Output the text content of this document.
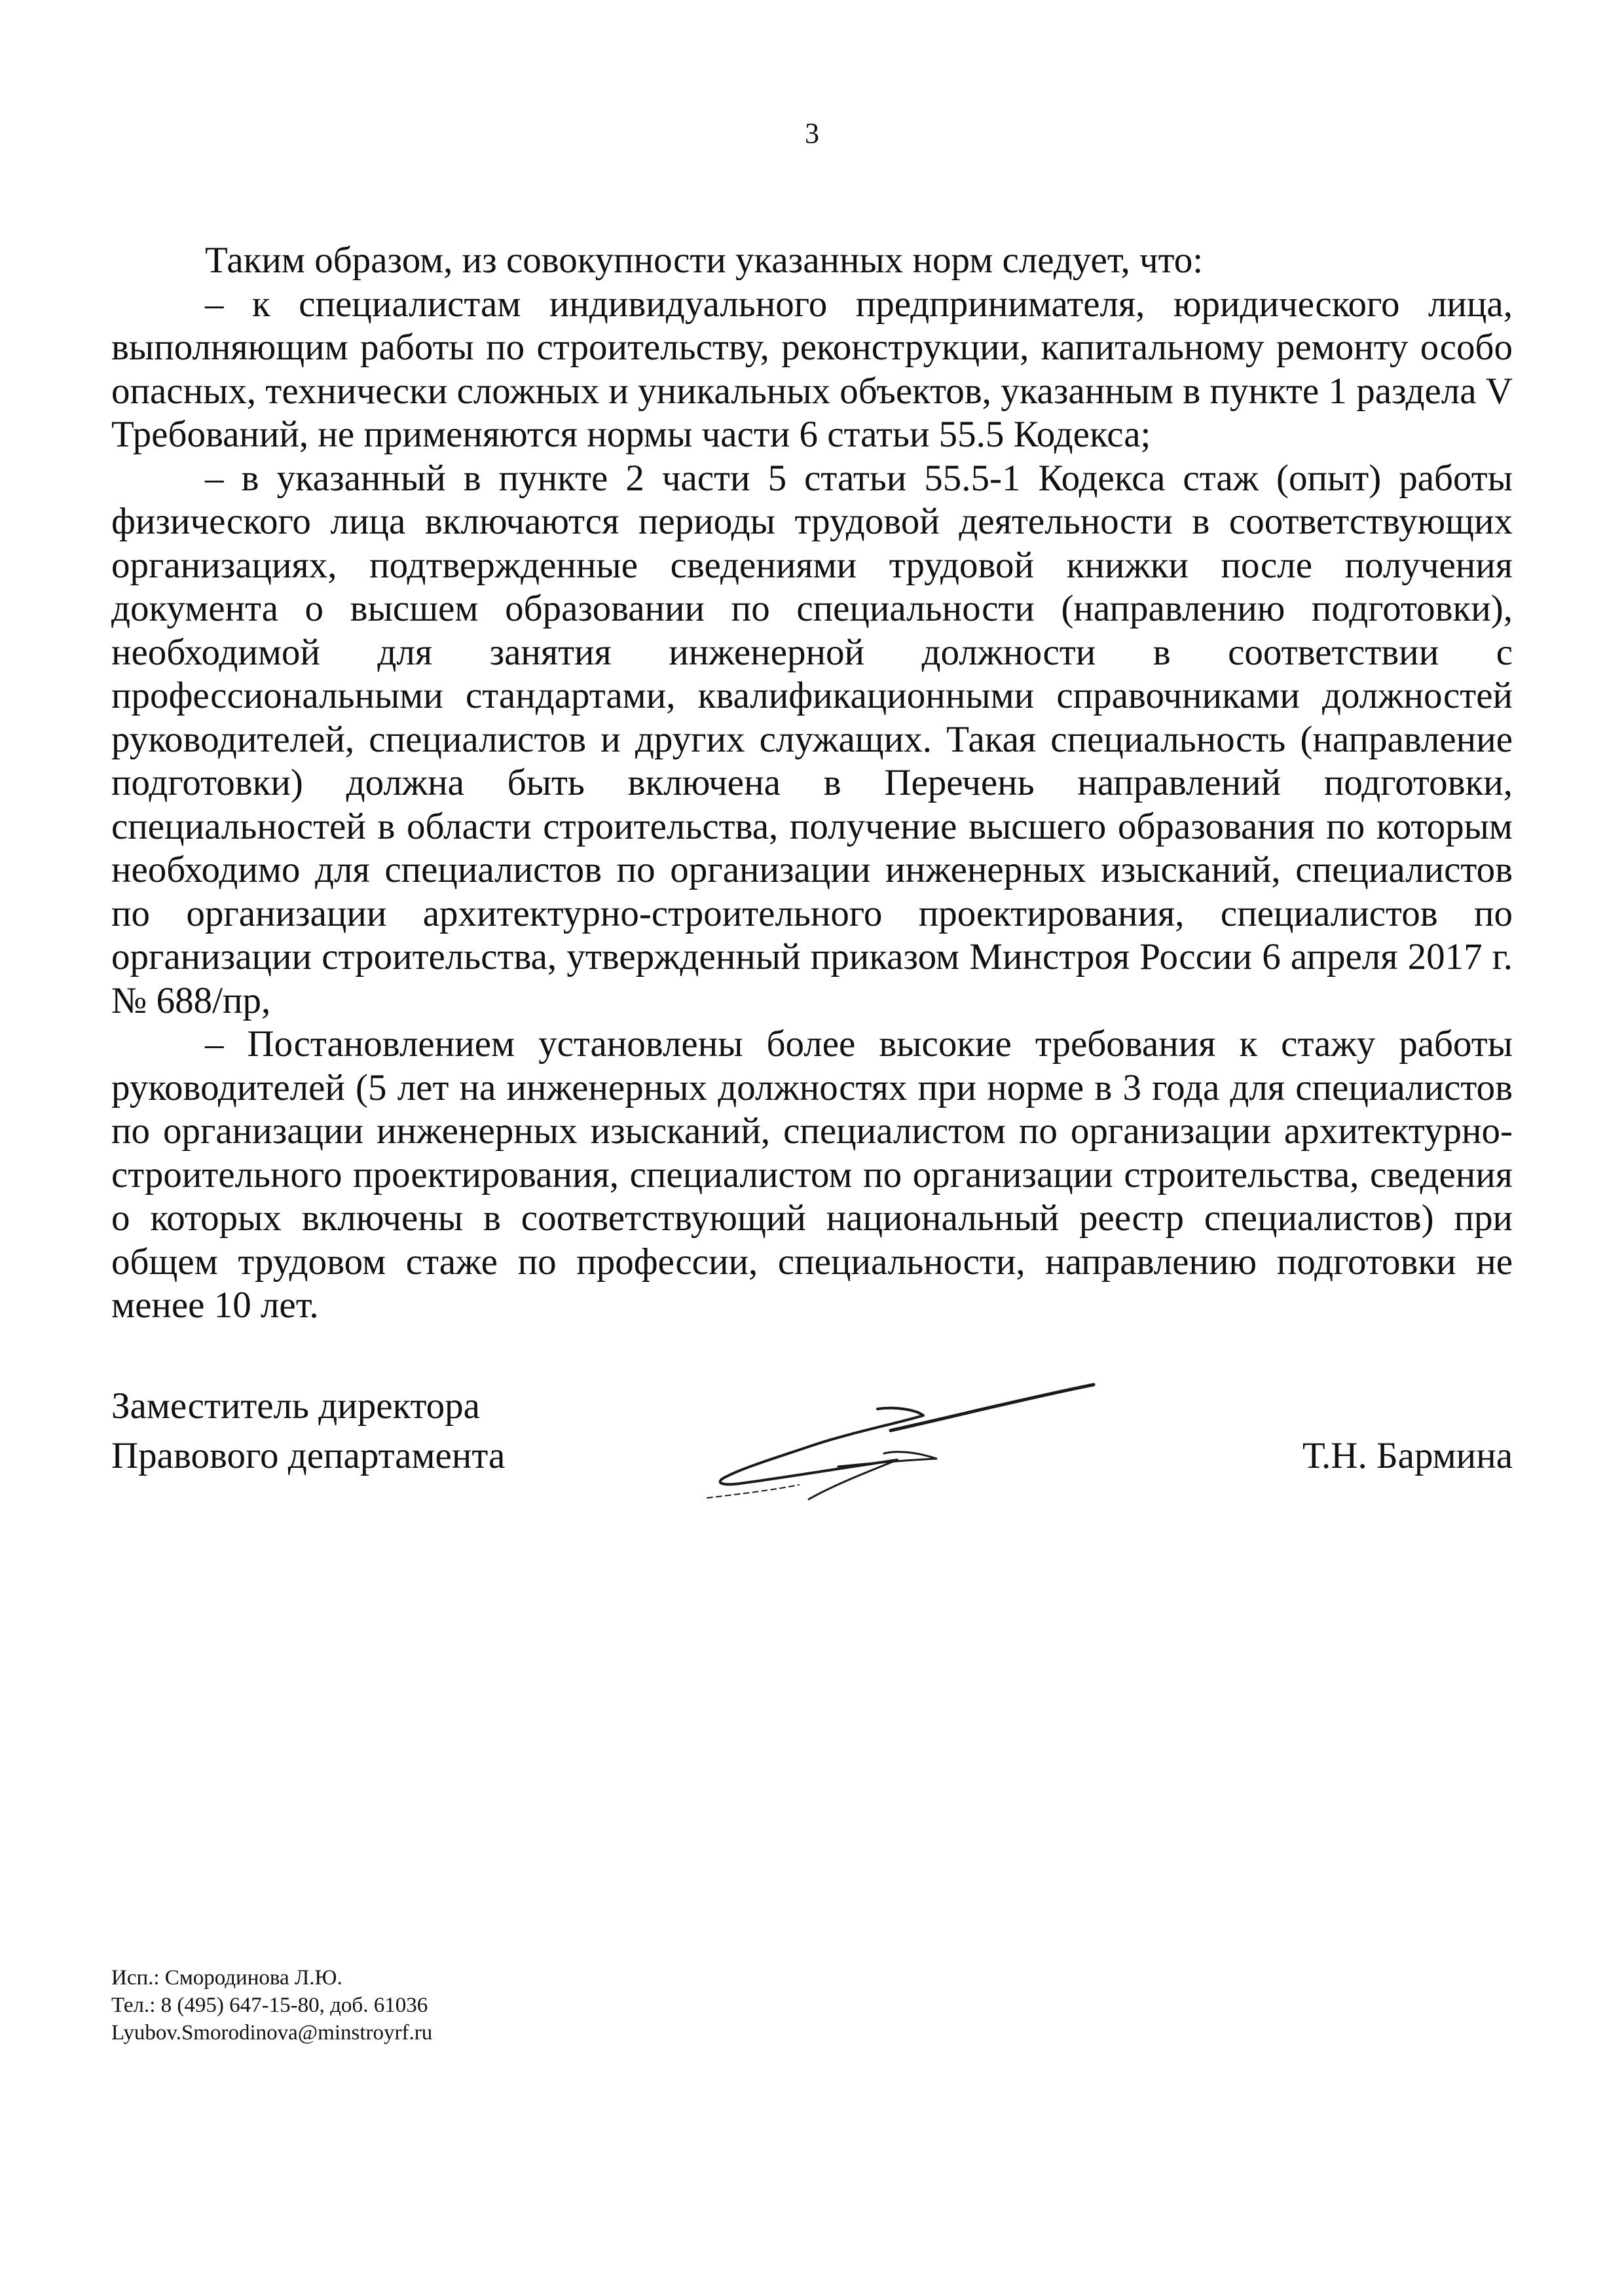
3

Таким образом, из совокупности указанных норм следует, что:

– к специалистам индивидуального предпринимателя, юридического лица, выполняющим работы по строительству, реконструкции, капитальному ремонту особо опасных, технически сложных и уникальных объектов, указанным в пункте 1 раздела V Требований, не применяются нормы части 6 статьи 55.5 Кодекса;

– в указанный в пункте 2 части 5 статьи 55.5-1 Кодекса стаж (опыт) работы физического лица включаются периоды трудовой деятельности в соответствующих организациях, подтвержденные сведениями трудовой книжки после получения документа о высшем образовании по специальности (направлению подготовки), необходимой для занятия инженерной должности в соответствии с профессиональными стандартами, квалификационными справочниками должностей руководителей, специалистов и других служащих. Такая специальность (направление подготовки) должна быть включена в Перечень направлений подготовки, специальностей в области строительства, получение высшего образования по которым необходимо для специалистов по организации инженерных изысканий, специалистов по организации архитектурно-строительного проектирования, специалистов по организации строительства, утвержденный приказом Минстроя России 6 апреля 2017 г. № 688/пр,

– Постановлением установлены более высокие требования к стажу работы руководителей (5 лет на инженерных должностях при норме в 3 года для специалистов по организации инженерных изысканий, специалистом по организации архитектурно-строительного проектирования, специалистом по организации строительства, сведения о которых включены в соответствующий национальный реестр специалистов) при общем трудовом стаже по профессии, специальности, направлению подготовки не менее 10 лет.

Заместитель директора
Правового департамента	Т.Н. Бармина
Исп.: Смородинова Л.Ю.
Тел.: 8 (495) 647-15-80, доб. 61036
Lyubov.Smorodinova@minstroyrf.ru
